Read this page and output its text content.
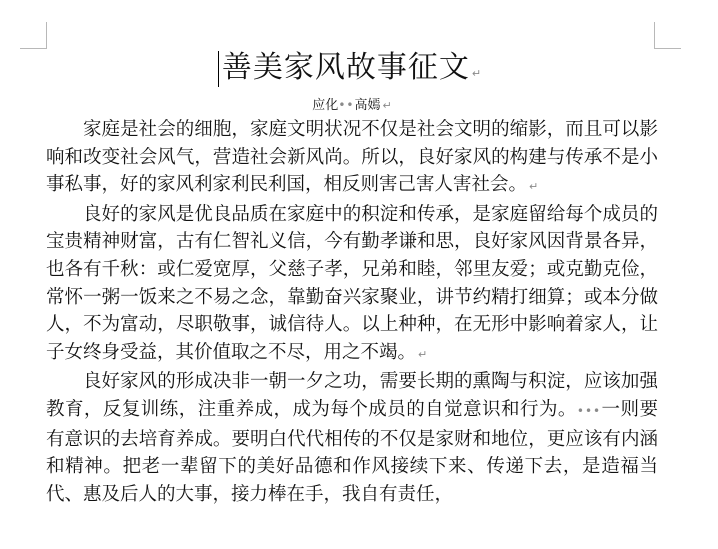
善美家风故事征文 ↵
应化••高嫣 ↵

家庭是社会的细胞，家庭文明状况不仅是社会文明的缩影，而且可以影响和改变社会风气，营造社会新风尚。所以，良好家风的构建与传承不是小事私事，好的家风利家利民利国，相反则害己害人害社会。 ↵

良好的家风是优良品质在家庭中的积淀和传承，是家庭留给每个成员的宝贵精神财富，古有仁智礼义信，今有勤孝谦和思，良好家风因背景各异，也各有千秋：或仁爱宽厚，父慈子孝，兄弟和睦，邻里友爱；或克勤克俭，常怀一粥一饭来之不易之念，靠勤奋兴家聚业，讲节约精打细算；或本分做人，不为富动，尽职敬事，诚信待人。以上种种，在无形中影响着家人，让子女终身受益，其价值取之不尽，用之不竭。 ↵

良好家风的形成决非一朝一夕之功，需要长期的熏陶与积淀，应该加强教育，反复训练，注重养成，成为每个成员的自觉意识和行为。•••一则要有意识的去培育养成。要明白代代相传的不仅是家财和地位，更应该有内涵和精神。把老一辈留下的美好品德和作风接续下来、传递下去，是造福当代、惠及后人的大事，接力棒在手，我自有责任，
